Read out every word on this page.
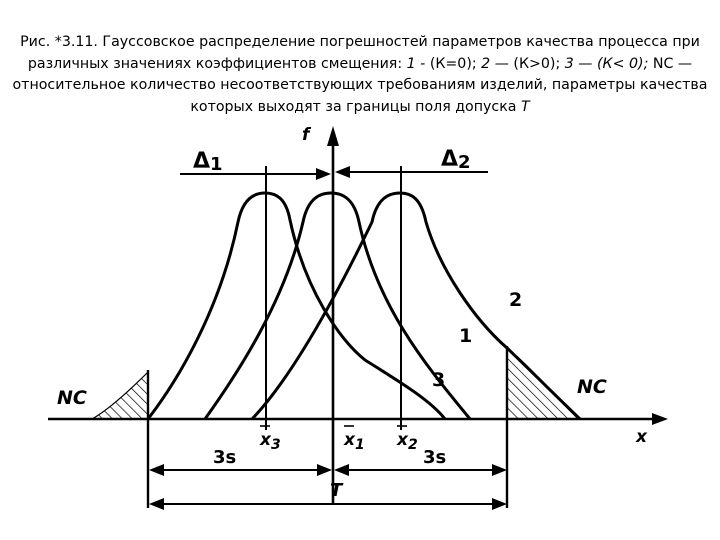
Рис. *3.11. Гауссовское распределение погрешностей параметров качества процесса при различных значениях коэффициентов смещения: 1 - (К=0); 2 — (К>0); 3 — (К< 0); NC — относительное количество несоответствующих требованиям изделий, параметры качества которых выходят за границы поля допуска Т

Δ1	Δ2
f
x
2
1
3
NC	NC
$x_3$	$x_1$ $x_2$
3s	3s
T
